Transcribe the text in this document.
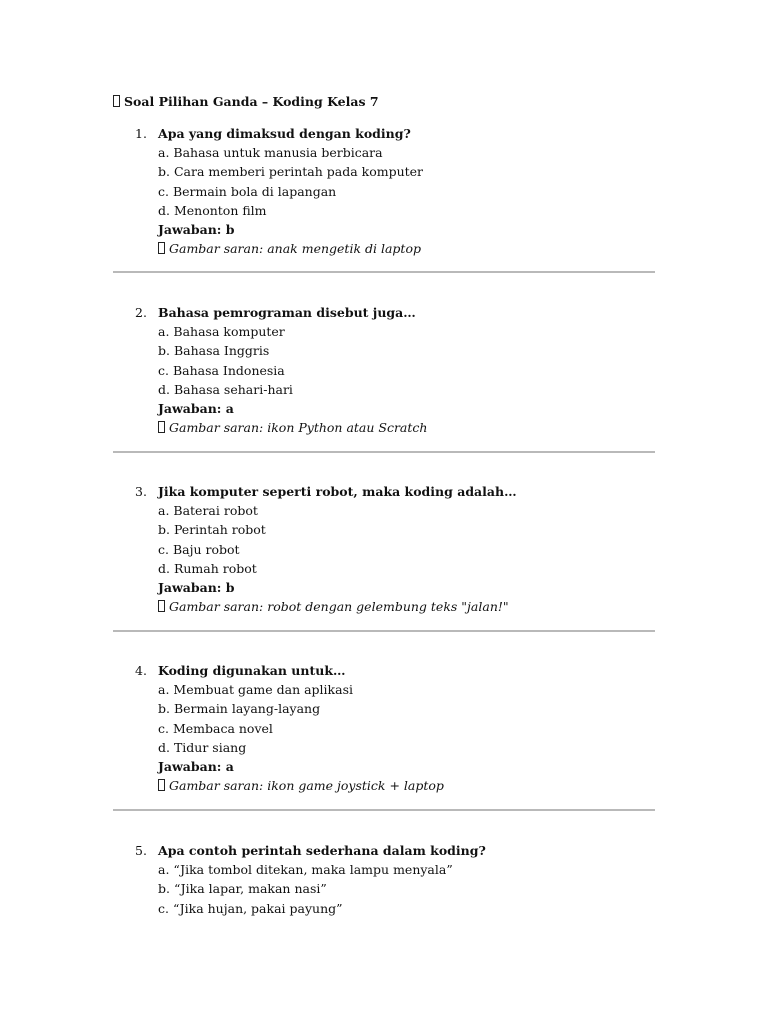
Soal Pilihan Ganda – Koding Kelas 7
1. Apa yang dimaksud dengan koding?
a. Bahasa untuk manusia berbicara
b. Cara memberi perintah pada komputer
c. Bermain bola di lapangan
d. Menonton film
Jawaban: b
Gambar saran: anak mengetik di laptop
2. Bahasa pemrograman disebut juga…
a. Bahasa komputer
b. Bahasa Inggris
c. Bahasa Indonesia
d. Bahasa sehari-hari
Jawaban: a
Gambar saran: ikon Python atau Scratch
3. Jika komputer seperti robot, maka koding adalah…
a. Baterai robot
b. Perintah robot
c. Baju robot
d. Rumah robot
Jawaban: b
Gambar saran: robot dengan gelembung teks "jalan!"
4. Koding digunakan untuk…
a. Membuat game dan aplikasi
b. Bermain layang-layang
c. Membaca novel
d. Tidur siang
Jawaban: a
Gambar saran: ikon game joystick + laptop
5. Apa contoh perintah sederhana dalam koding?
a. “Jika tombol ditekan, maka lampu menyala”
b. “Jika lapar, makan nasi”
c. “Jika hujan, pakai payung”
